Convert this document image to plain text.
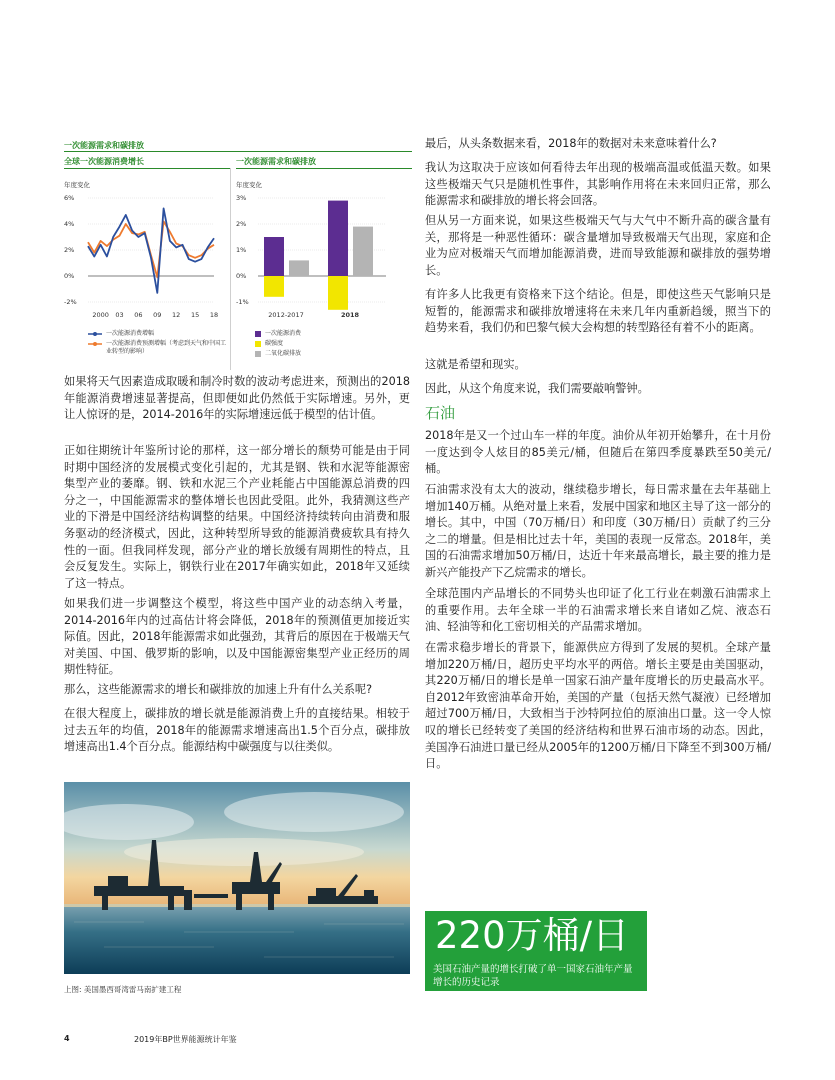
一次能源需求和碳排放
全球一次能源消费增长	一次能源需求和碳排放
年度变化
6%
4%
2%
0%
-2%
2000 03 06 09 12 15 18
年度变化
3%
2%
1%
0%
-1%
2012-2017	2018
一次能源消费增幅
一次能源消费预测增幅（考虑到天气和中国工业转型的影响）
一次能源消费
碳强度
二氧化碳排放

如果将天气因素造成取暖和制冷时数的波动考虑进来，预测出的2018年能源消费增速显著提高，但即便如此仍然低于实际增速。另外，更让人惊讶的是，2014-2016年的实际增速远低于模型的估计值。

正如往期统计年鉴所讨论的那样，这一部分增长的颓势可能是由于同时期中国经济的发展模式变化引起的，尤其是钢、铁和水泥等能源密集型产业的萎靡。钢、铁和水泥三个产业耗能占中国能源总消费的四分之一，中国能源需求的整体增长也因此受阻。此外，我猜测这些产业的下滑是中国经济结构调整的结果。中国经济持续转向由消费和服务驱动的经济模式，因此，这种转型所导致的能源消费疲软具有持久性的一面。但我同样发现，部分产业的增长放缓有周期性的特点，且会反复发生。实际上，钢铁行业在2017年确实如此，2018年又延续了这一特点。

如果我们进一步调整这个模型，将这些中国产业的动态纳入考量，2014-2016年内的过高估计将会降低，2018年的预测值更加接近实际值。因此，2018年能源需求如此强劲，其背后的原因在于极端天气对美国、中国、俄罗斯的影响，以及中国能源密集型产业正经历的周期性特征。

那么，这些能源需求的增长和碳排放的加速上升有什么关系呢?

在很大程度上，碳排放的增长就是能源消费上升的直接结果。相较于过去五年的均值，2018年的能源需求增速高出1.5个百分点，碳排放增速高出1.4个百分点。能源结构中碳强度与以往类似。

上图: 美国墨西哥湾雷马南扩建工程

最后，从头条数据来看，2018年的数据对未来意味着什么?

我认为这取决于应该如何看待去年出现的极端高温或低温天数。如果这些极端天气只是随机性事件，其影响作用将在未来回归正常，那么能源需求和碳排放的增长将会回落。

但从另一方面来说，如果这些极端天气与大气中不断升高的碳含量有关，那将是一种恶性循环：碳含量增加导致极端天气出现，家庭和企业为应对极端天气而增加能源消费，进而导致能源和碳排放的强势增长。

有许多人比我更有资格来下这个结论。但是，即使这些天气影响只是短暂的，能源需求和碳排放增速将在未来几年内重新趋缓，照当下的趋势来看，我们仍和巴黎气候大会构想的转型路径有着不小的距离。

这就是希望和现实。

因此，从这个角度来说，我们需要敲响警钟。

石油

2018年是又一个过山车一样的年度。油价从年初开始攀升，在十月份一度达到令人炫目的85美元/桶，但随后在第四季度暴跌至50美元/桶。

石油需求没有太大的波动，继续稳步增长，每日需求量在去年基础上增加140万桶。从绝对量上来看，发展中国家和地区主导了这一部分的增长。其中，中国（70万桶/日）和印度（30万桶/日）贡献了约三分之二的增量。但是相比过去十年，美国的表现一反常态。2018年，美国的石油需求增加50万桶/日，达近十年来最高增长，最主要的推力是新兴产能投产下乙烷需求的增长。

全球范围内产品增长的不同势头也印证了化工行业在刺激石油需求上的重要作用。去年全球一半的石油需求增长来自诸如乙烷、液态石油、轻油等和化工密切相关的产品需求增加。

在需求稳步增长的背景下，能源供应方得到了发展的契机。全球产量增加220万桶/日，超历史平均水平的两倍。增长主要是由美国驱动，其220万桶/日的增长是单一国家石油产量年度增长的历史最高水平。自2012年致密油革命开始，美国的产量（包括天然气凝液）已经增加超过700万桶/日，大致相当于沙特阿拉伯的原油出口量。这一令人惊叹的增长已经转变了美国的经济结构和世界石油市场的动态。因此，美国净石油进口量已经从2005年的1200万桶/日下降至不到300万桶/日。

220万桶/日
美国石油产量的增长打破了单一国家石油年产量增长的历史记录
4	2019年BP世界能源统计年鉴
